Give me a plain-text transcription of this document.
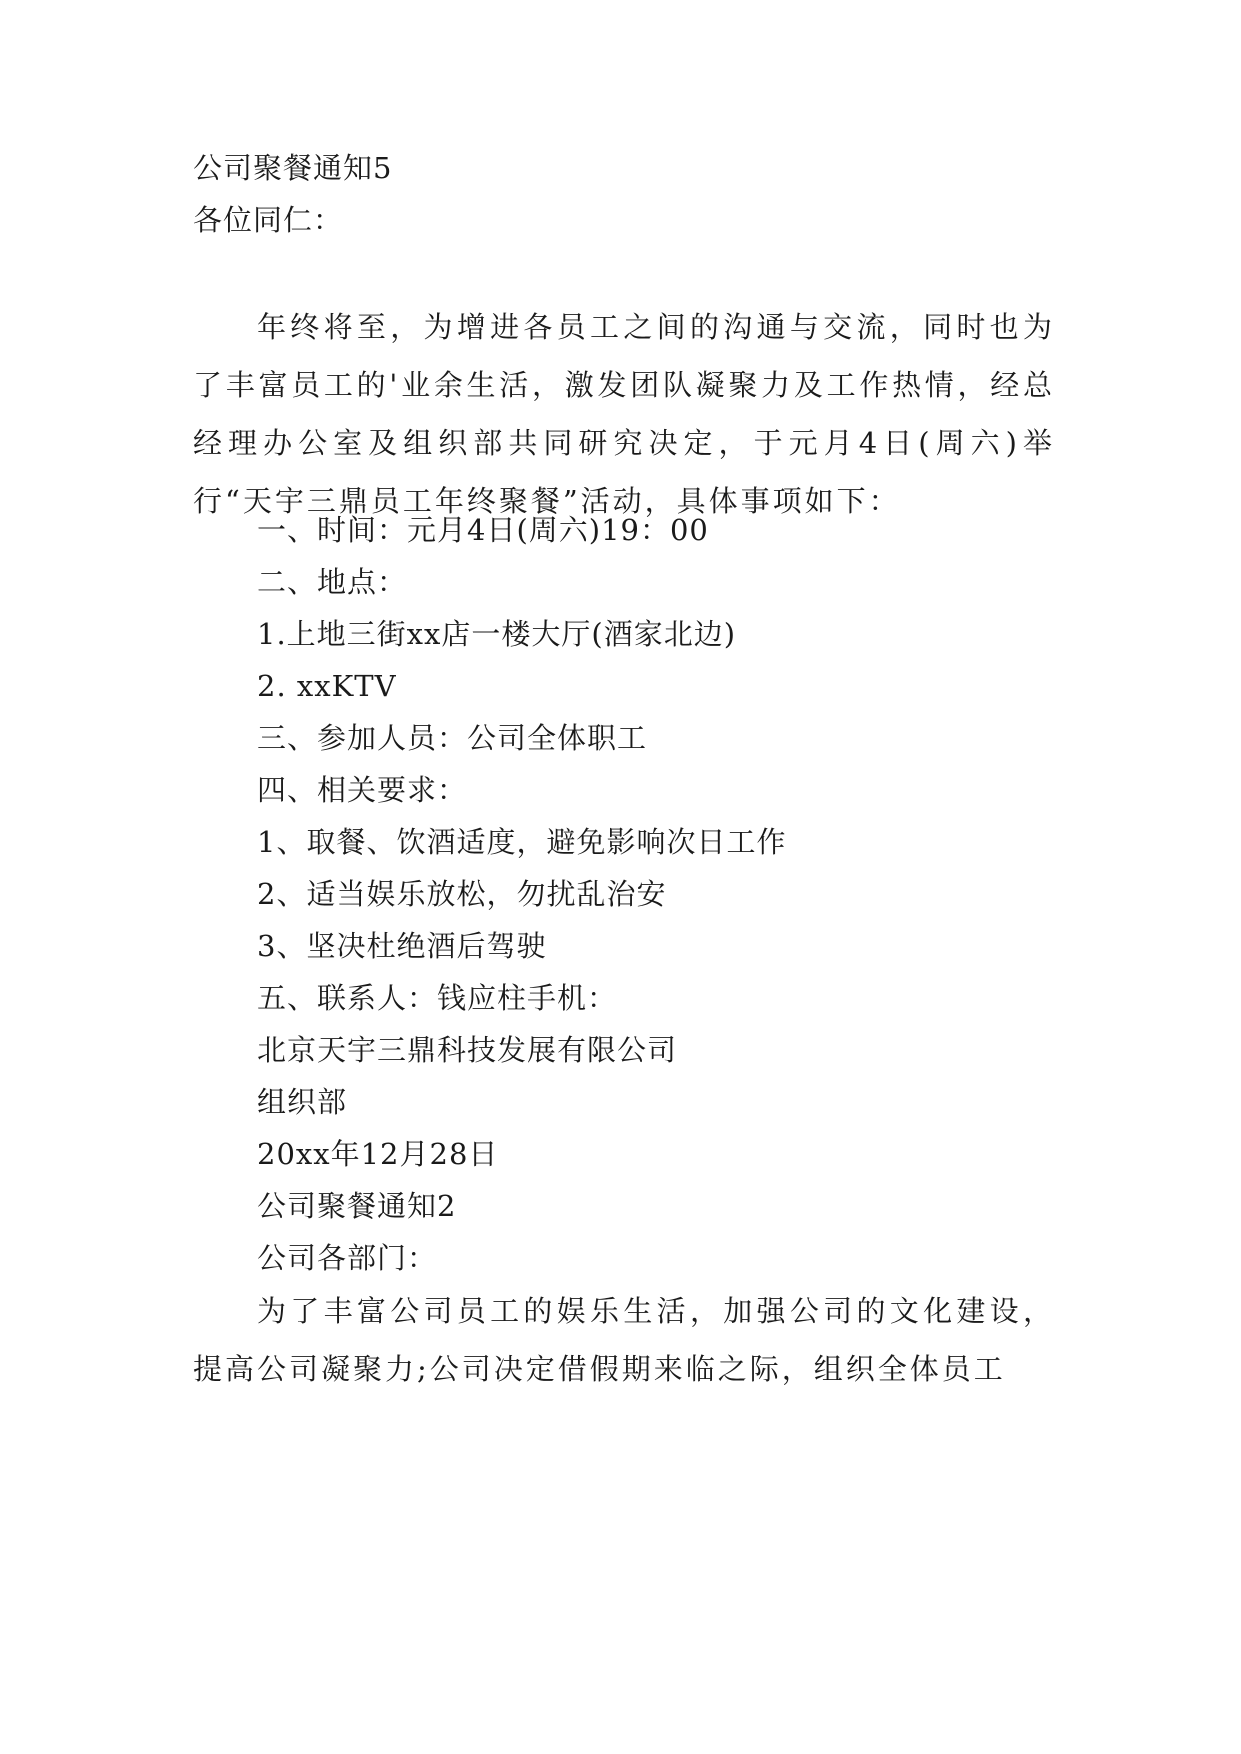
公司聚餐通知5
各位同仁：
年终将至，为增进各员工之间的沟通与交流，同时也为了丰富员工的'业余生活，激发团队凝聚力及工作热情，经总经理办公室及组织部共同研究决定，于元月4日(周六)举行“天宇三鼎员工年终聚餐”活动，具体事项如下：
一、时间：元月4日(周六)19：00
二、地点：
1.上地三街xx店一楼大厅(酒家北边)
2. xxKTV
三、参加人员：公司全体职工
四、相关要求：
1、取餐、饮酒适度，避免影响次日工作
2、适当娱乐放松，勿扰乱治安
3、坚决杜绝酒后驾驶
五、联系人：钱应柱手机：
北京天宇三鼎科技发展有限公司
组织部
20xx年12月28日
公司聚餐通知2
公司各部门：
为了丰富公司员工的娱乐生活，加强公司的文化建设，提高公司凝聚力;公司决定借假期来临之际，组织全体员工
